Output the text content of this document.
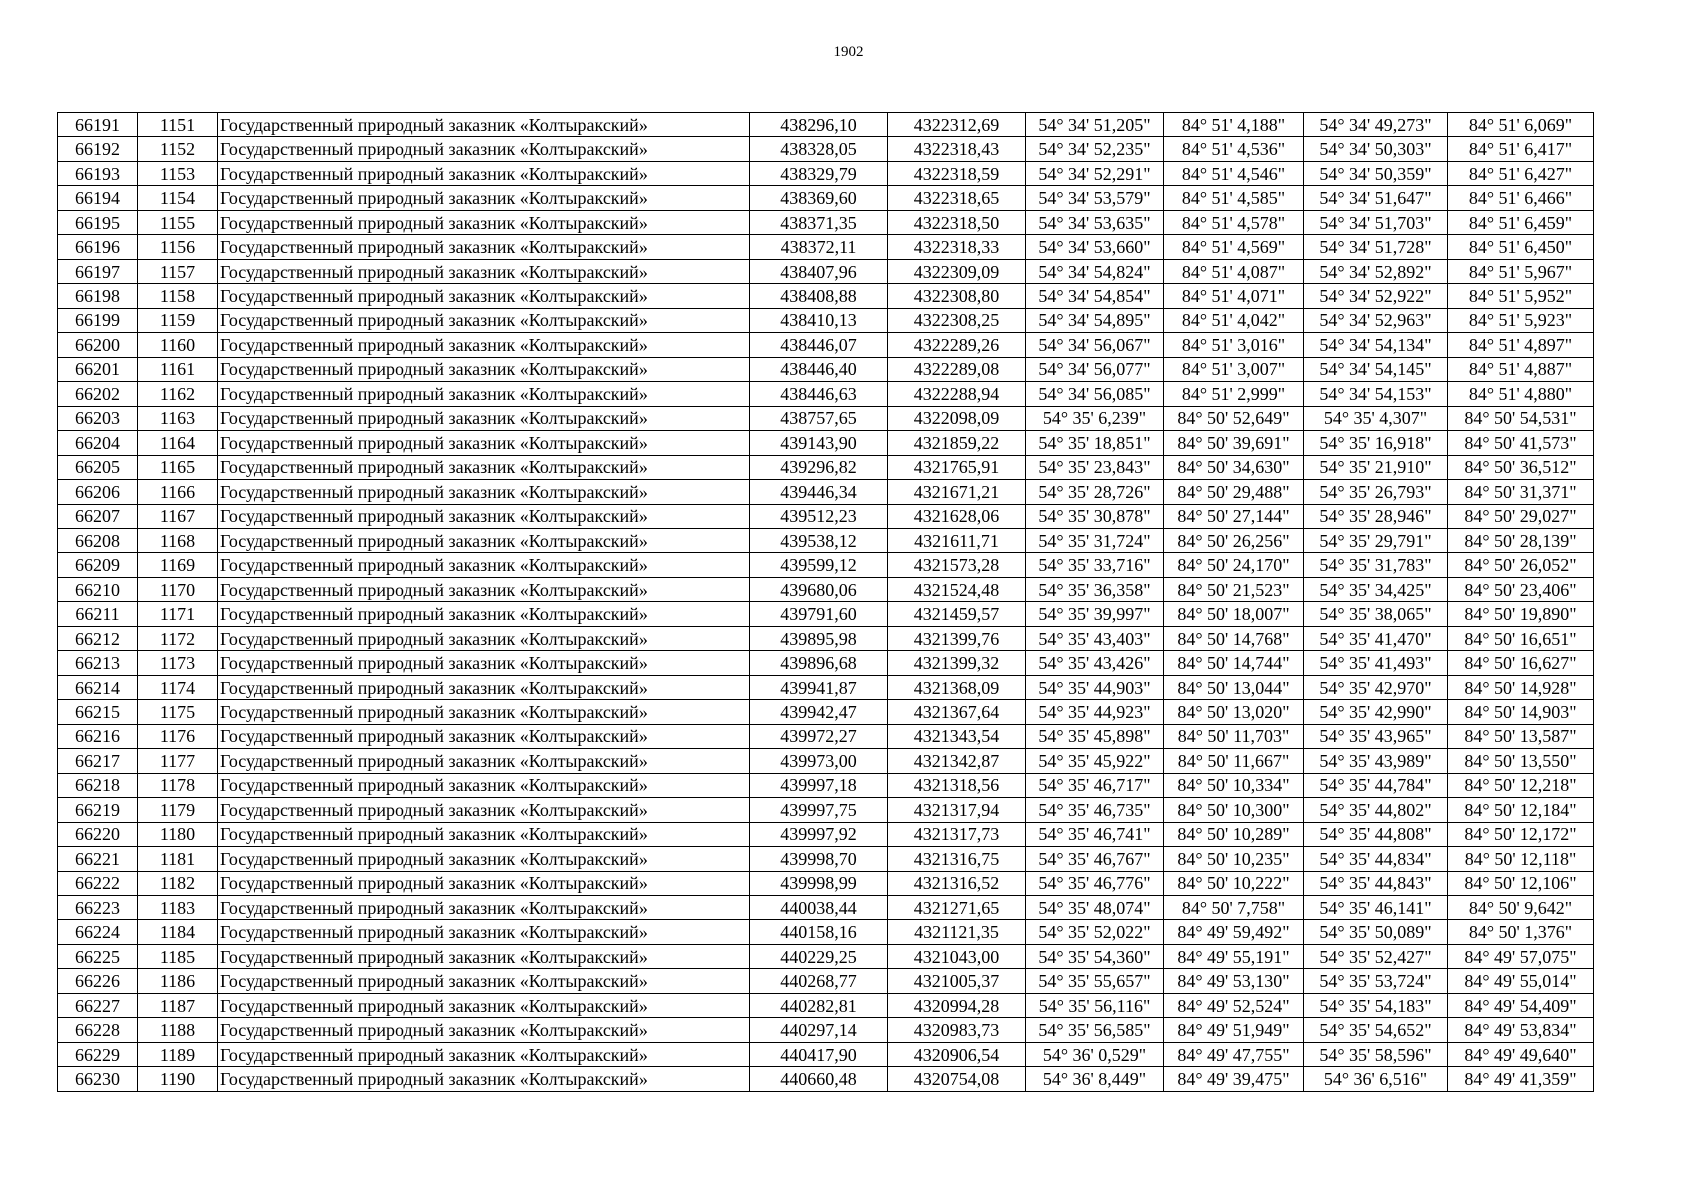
1902
66191	1151	Государственный природный заказник «Колтыракский»	438296,10	4322312,69	54° 34' 51,205"	84° 51' 4,188"	54° 34' 49,273"	84° 51' 6,069"
66192	1152	Государственный природный заказник «Колтыракский»	438328,05	4322318,43	54° 34' 52,235"	84° 51' 4,536"	54° 34' 50,303"	84° 51' 6,417"
66193	1153	Государственный природный заказник «Колтыракский»	438329,79	4322318,59	54° 34' 52,291"	84° 51' 4,546"	54° 34' 50,359"	84° 51' 6,427"
66194	1154	Государственный природный заказник «Колтыракский»	438369,60	4322318,65	54° 34' 53,579"	84° 51' 4,585"	54° 34' 51,647"	84° 51' 6,466"
66195	1155	Государственный природный заказник «Колтыракский»	438371,35	4322318,50	54° 34' 53,635"	84° 51' 4,578"	54° 34' 51,703"	84° 51' 6,459"
66196	1156	Государственный природный заказник «Колтыракский»	438372,11	4322318,33	54° 34' 53,660"	84° 51' 4,569"	54° 34' 51,728"	84° 51' 6,450"
66197	1157	Государственный природный заказник «Колтыракский»	438407,96	4322309,09	54° 34' 54,824"	84° 51' 4,087"	54° 34' 52,892"	84° 51' 5,967"
66198	1158	Государственный природный заказник «Колтыракский»	438408,88	4322308,80	54° 34' 54,854"	84° 51' 4,071"	54° 34' 52,922"	84° 51' 5,952"
66199	1159	Государственный природный заказник «Колтыракский»	438410,13	4322308,25	54° 34' 54,895"	84° 51' 4,042"	54° 34' 52,963"	84° 51' 5,923"
66200	1160	Государственный природный заказник «Колтыракский»	438446,07	4322289,26	54° 34' 56,067"	84° 51' 3,016"	54° 34' 54,134"	84° 51' 4,897"
66201	1161	Государственный природный заказник «Колтыракский»	438446,40	4322289,08	54° 34' 56,077"	84° 51' 3,007"	54° 34' 54,145"	84° 51' 4,887"
66202	1162	Государственный природный заказник «Колтыракский»	438446,63	4322288,94	54° 34' 56,085"	84° 51' 2,999"	54° 34' 54,153"	84° 51' 4,880"
66203	1163	Государственный природный заказник «Колтыракский»	438757,65	4322098,09	54° 35' 6,239"	84° 50' 52,649"	54° 35' 4,307"	84° 50' 54,531"
66204	1164	Государственный природный заказник «Колтыракский»	439143,90	4321859,22	54° 35' 18,851"	84° 50' 39,691"	54° 35' 16,918"	84° 50' 41,573"
66205	1165	Государственный природный заказник «Колтыракский»	439296,82	4321765,91	54° 35' 23,843"	84° 50' 34,630"	54° 35' 21,910"	84° 50' 36,512"
66206	1166	Государственный природный заказник «Колтыракский»	439446,34	4321671,21	54° 35' 28,726"	84° 50' 29,488"	54° 35' 26,793"	84° 50' 31,371"
66207	1167	Государственный природный заказник «Колтыракский»	439512,23	4321628,06	54° 35' 30,878"	84° 50' 27,144"	54° 35' 28,946"	84° 50' 29,027"
66208	1168	Государственный природный заказник «Колтыракский»	439538,12	4321611,71	54° 35' 31,724"	84° 50' 26,256"	54° 35' 29,791"	84° 50' 28,139"
66209	1169	Государственный природный заказник «Колтыракский»	439599,12	4321573,28	54° 35' 33,716"	84° 50' 24,170"	54° 35' 31,783"	84° 50' 26,052"
66210	1170	Государственный природный заказник «Колтыракский»	439680,06	4321524,48	54° 35' 36,358"	84° 50' 21,523"	54° 35' 34,425"	84° 50' 23,406"
66211	1171	Государственный природный заказник «Колтыракский»	439791,60	4321459,57	54° 35' 39,997"	84° 50' 18,007"	54° 35' 38,065"	84° 50' 19,890"
66212	1172	Государственный природный заказник «Колтыракский»	439895,98	4321399,76	54° 35' 43,403"	84° 50' 14,768"	54° 35' 41,470"	84° 50' 16,651"
66213	1173	Государственный природный заказник «Колтыракский»	439896,68	4321399,32	54° 35' 43,426"	84° 50' 14,744"	54° 35' 41,493"	84° 50' 16,627"
66214	1174	Государственный природный заказник «Колтыракский»	439941,87	4321368,09	54° 35' 44,903"	84° 50' 13,044"	54° 35' 42,970"	84° 50' 14,928"
66215	1175	Государственный природный заказник «Колтыракский»	439942,47	4321367,64	54° 35' 44,923"	84° 50' 13,020"	54° 35' 42,990"	84° 50' 14,903"
66216	1176	Государственный природный заказник «Колтыракский»	439972,27	4321343,54	54° 35' 45,898"	84° 50' 11,703"	54° 35' 43,965"	84° 50' 13,587"
66217	1177	Государственный природный заказник «Колтыракский»	439973,00	4321342,87	54° 35' 45,922"	84° 50' 11,667"	54° 35' 43,989"	84° 50' 13,550"
66218	1178	Государственный природный заказник «Колтыракский»	439997,18	4321318,56	54° 35' 46,717"	84° 50' 10,334"	54° 35' 44,784"	84° 50' 12,218"
66219	1179	Государственный природный заказник «Колтыракский»	439997,75	4321317,94	54° 35' 46,735"	84° 50' 10,300"	54° 35' 44,802"	84° 50' 12,184"
66220	1180	Государственный природный заказник «Колтыракский»	439997,92	4321317,73	54° 35' 46,741"	84° 50' 10,289"	54° 35' 44,808"	84° 50' 12,172"
66221	1181	Государственный природный заказник «Колтыракский»	439998,70	4321316,75	54° 35' 46,767"	84° 50' 10,235"	54° 35' 44,834"	84° 50' 12,118"
66222	1182	Государственный природный заказник «Колтыракский»	439998,99	4321316,52	54° 35' 46,776"	84° 50' 10,222"	54° 35' 44,843"	84° 50' 12,106"
66223	1183	Государственный природный заказник «Колтыракский»	440038,44	4321271,65	54° 35' 48,074"	84° 50' 7,758"	54° 35' 46,141"	84° 50' 9,642"
66224	1184	Государственный природный заказник «Колтыракский»	440158,16	4321121,35	54° 35' 52,022"	84° 49' 59,492"	54° 35' 50,089"	84° 50' 1,376"
66225	1185	Государственный природный заказник «Колтыракский»	440229,25	4321043,00	54° 35' 54,360"	84° 49' 55,191"	54° 35' 52,427"	84° 49' 57,075"
66226	1186	Государственный природный заказник «Колтыракский»	440268,77	4321005,37	54° 35' 55,657"	84° 49' 53,130"	54° 35' 53,724"	84° 49' 55,014"
66227	1187	Государственный природный заказник «Колтыракский»	440282,81	4320994,28	54° 35' 56,116"	84° 49' 52,524"	54° 35' 54,183"	84° 49' 54,409"
66228	1188	Государственный природный заказник «Колтыракский»	440297,14	4320983,73	54° 35' 56,585"	84° 49' 51,949"	54° 35' 54,652"	84° 49' 53,834"
66229	1189	Государственный природный заказник «Колтыракский»	440417,90	4320906,54	54° 36' 0,529"	84° 49' 47,755"	54° 35' 58,596"	84° 49' 49,640"
66230	1190	Государственный природный заказник «Колтыракский»	440660,48	4320754,08	54° 36' 8,449"	84° 49' 39,475"	54° 36' 6,516"	84° 49' 41,359"
